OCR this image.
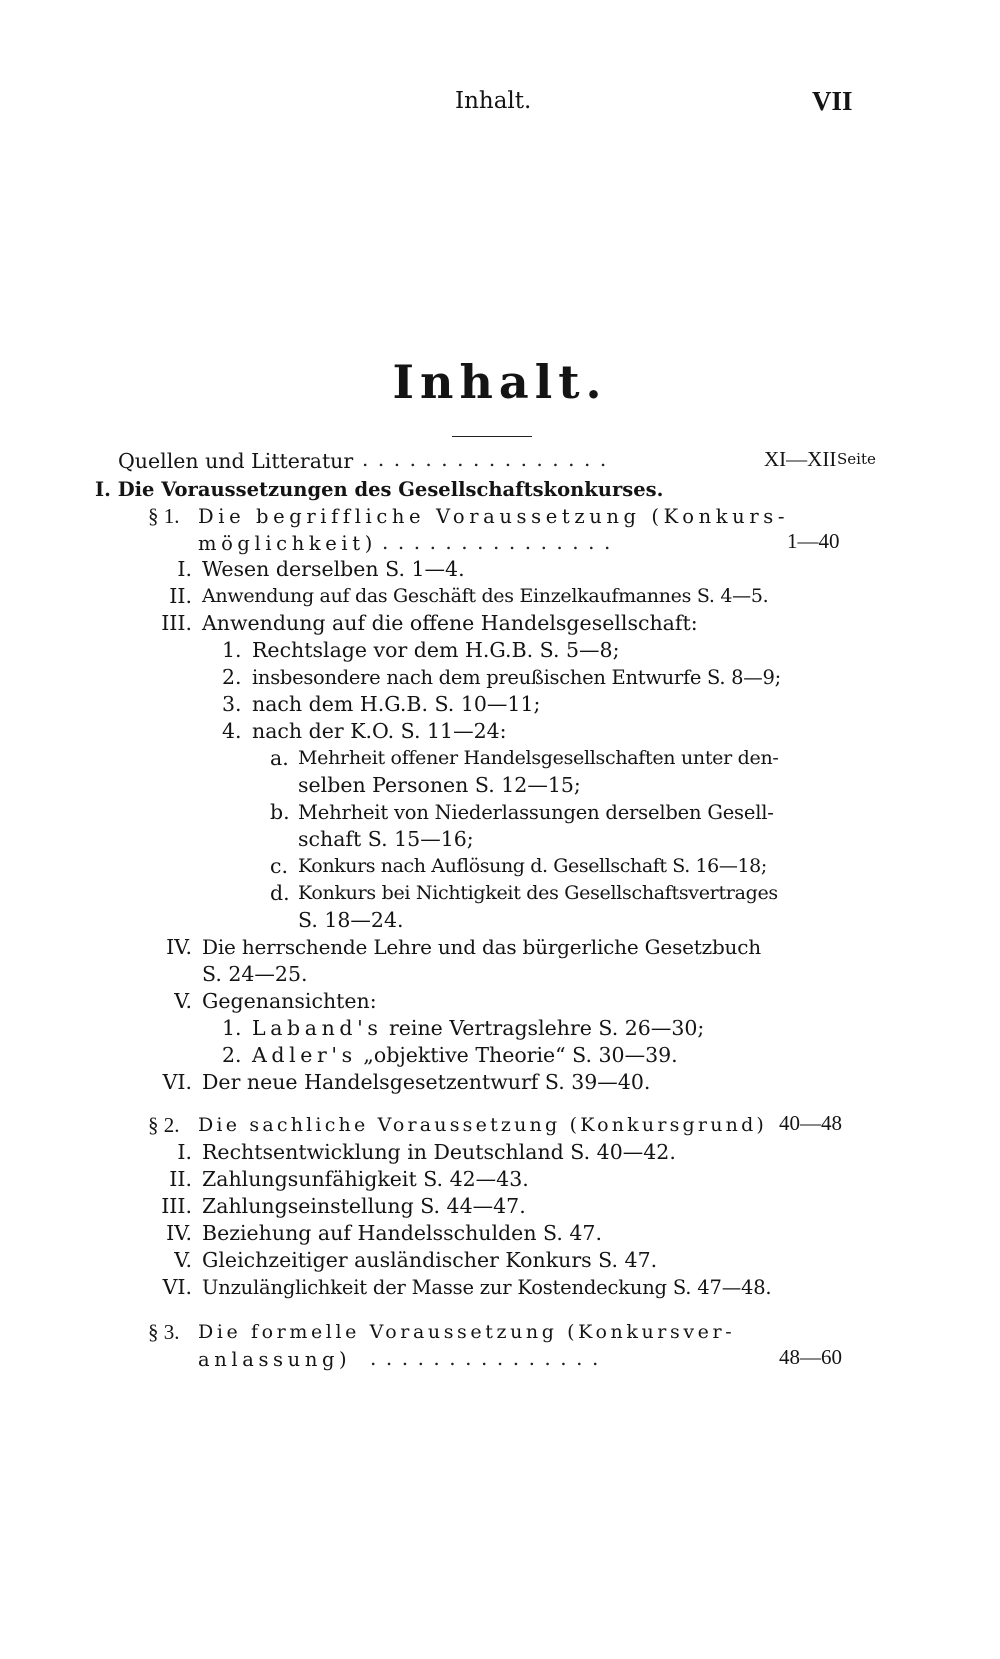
Inhalt.	VII
Inhalt.
Seite
Quellen und Litteratur ................	XI—XII
I. Die Voraussetzungen des Gesellschaftskonkurses.
§ 1. Die begriffliche Voraussetzung (Konkurs-
möglichkeit) ...............	1—40
I. Wesen derselben S. 1—4.
II. Anwendung auf das Geschäft des Einzelkaufmannes S. 4—5.
III. Anwendung auf die offene Handelsgesellschaft:
1. Rechtslage vor dem H.G.B. S. 5—8;
2. insbesondere nach dem preußischen Entwurfe S. 8—9;
3. nach dem H.G.B. S. 10—11;
4. nach der K.O. S. 11—24:
a. Mehrheit offener Handelsgesellschaften unter den-
selben Personen S. 12—15;
b. Mehrheit von Niederlassungen derselben Gesell-
schaft S. 15—16;
c. Konkurs nach Auflösung d. Gesellschaft S. 16—18;
d. Konkurs bei Nichtigkeit des Gesellschaftsvertrages
S. 18—24.
IV. Die herrschende Lehre und das bürgerliche Gesetzbuch
S. 24—25.
V. Gegenansichten:
1. Laband's reine Vertragslehre S. 26—30;
2. Adler's „objektive Theorie“ S. 30—39.
VI. Der neue Handelsgesetzentwurf S. 39—40.
§ 2. Die sachliche Voraussetzung (Konkursgrund) 40—48
I. Rechtsentwicklung in Deutschland S. 40—42.
II. Zahlungsunfähigkeit S. 42—43.
III. Zahlungseinstellung S. 44—47.
IV. Beziehung auf Handelsschulden S. 47.
V. Gleichzeitiger ausländischer Konkurs S. 47.
VI. Unzulänglichkeit der Masse zur Kostendeckung S. 47—48.
§ 3. Die formelle Voraussetzung (Konkursver-
anlassung) ...............	48—60
